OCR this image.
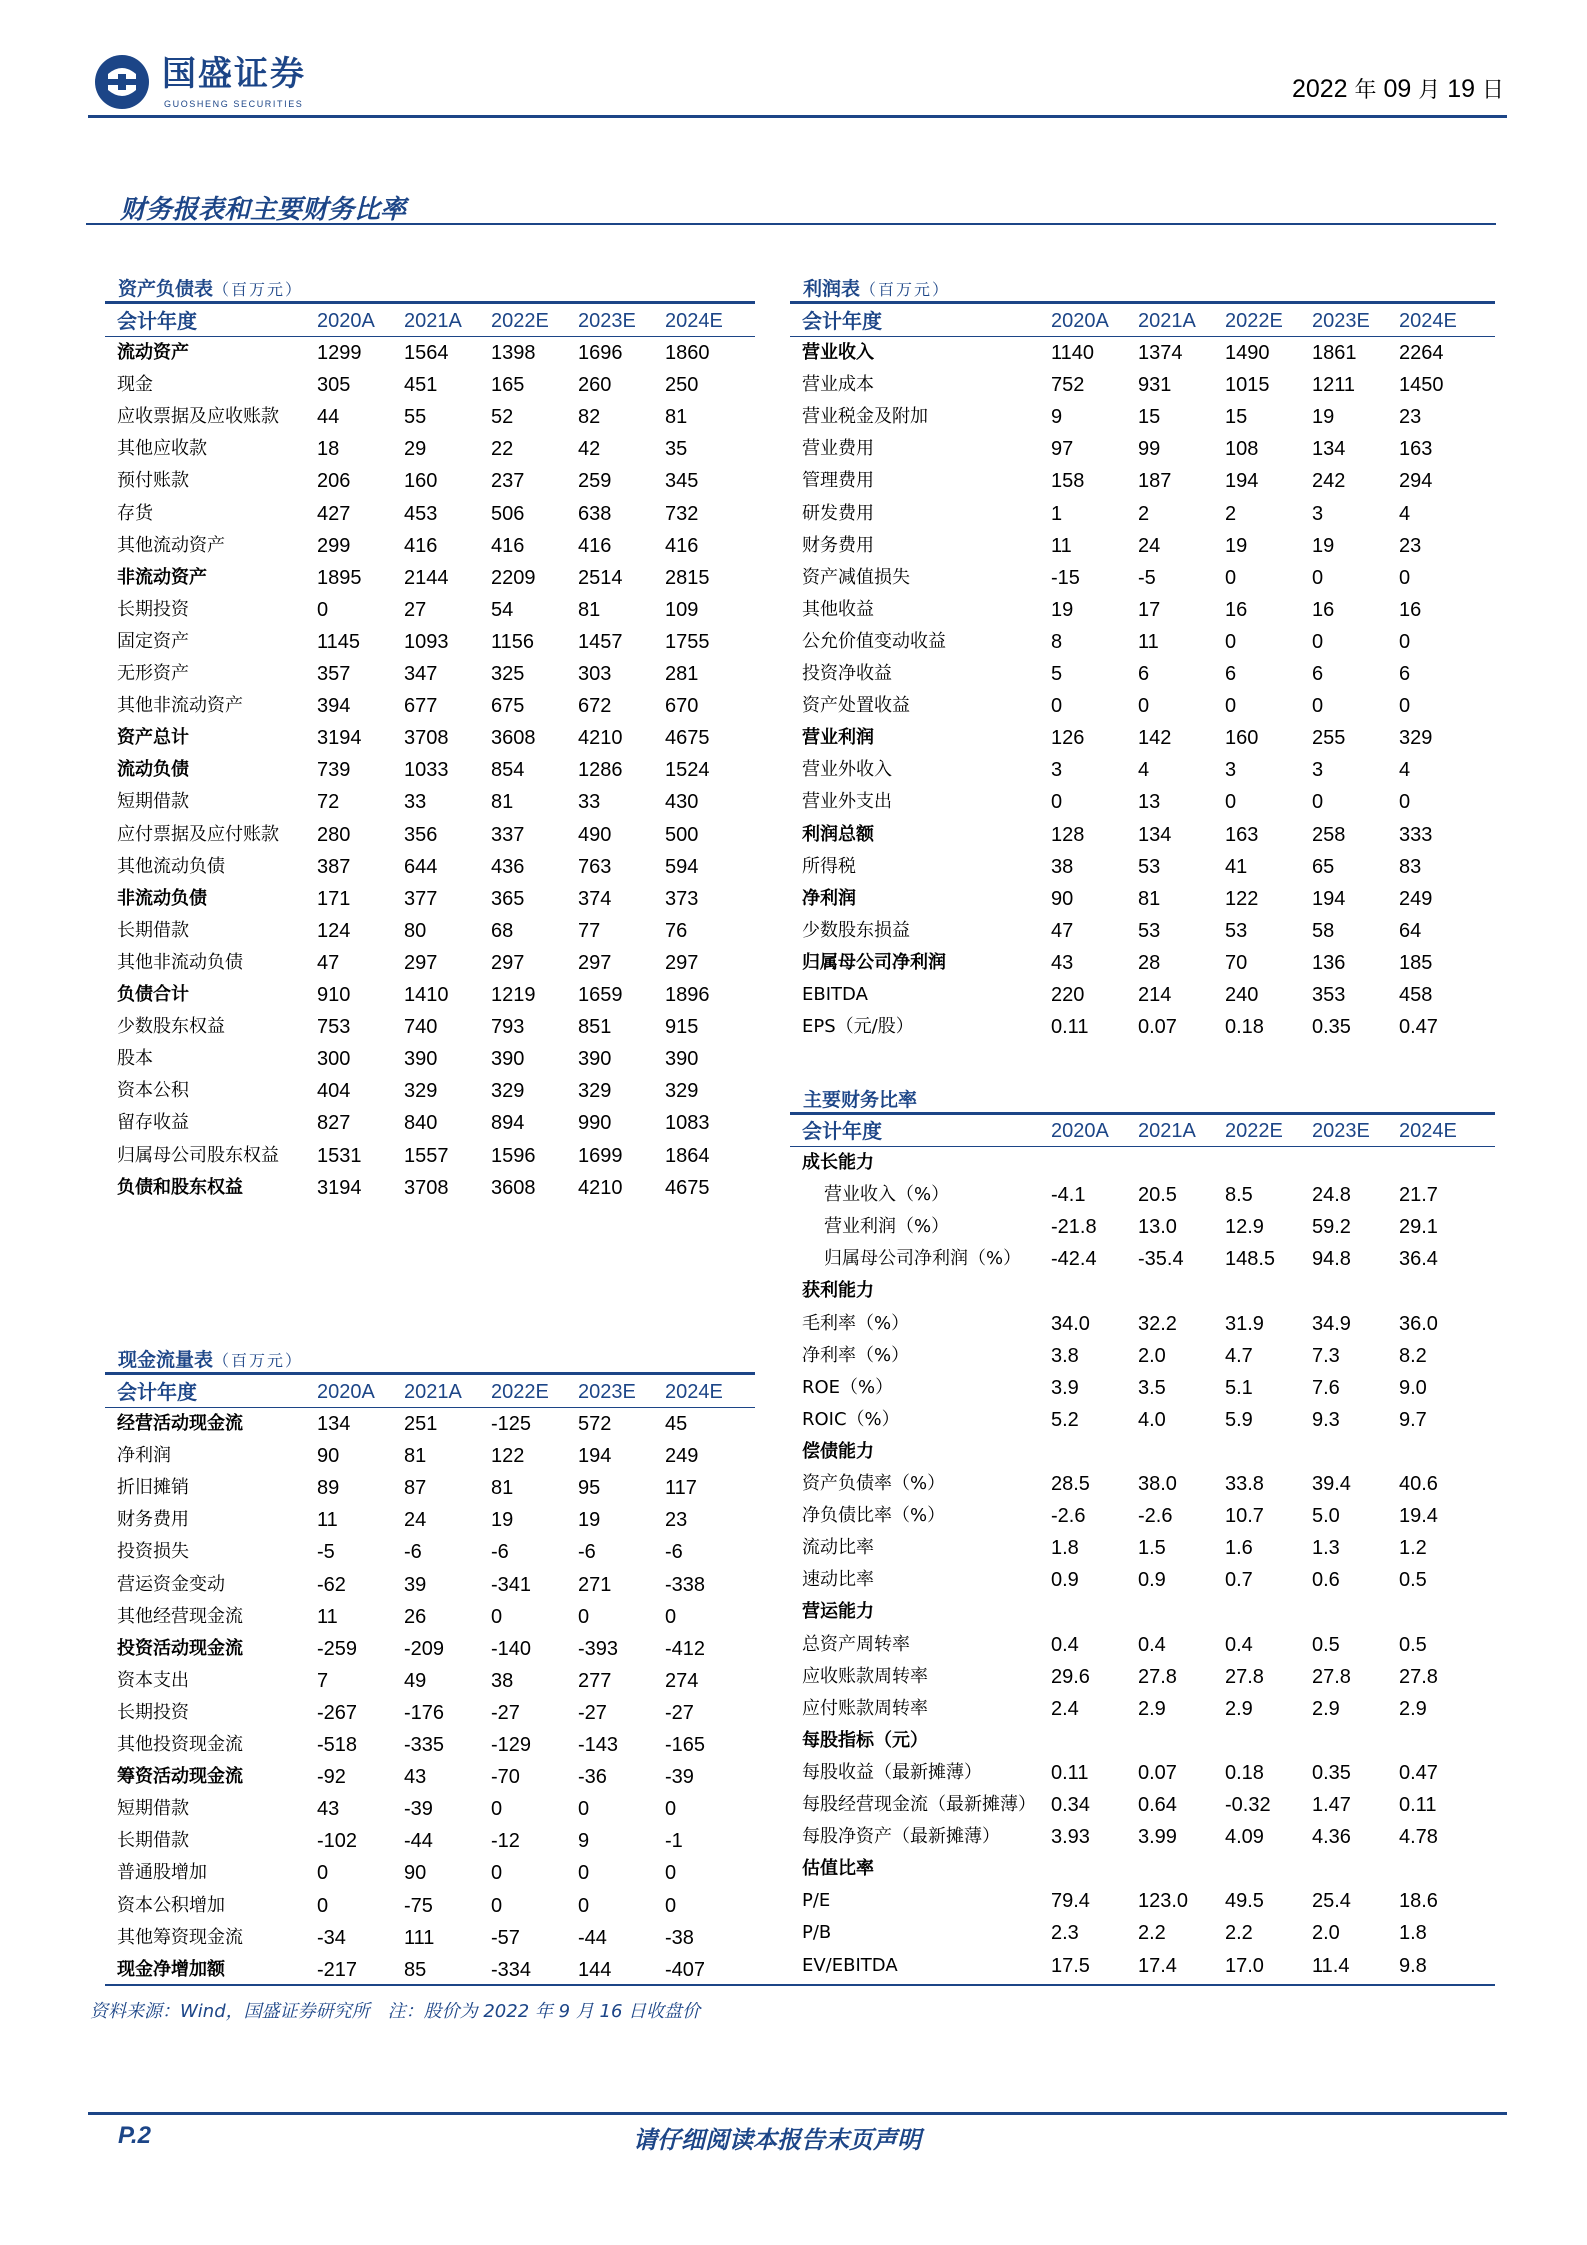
国盛证券
GUOSHENG SECURITIES
2022 年 09 月 19 日
财务报表和主要财务比率
资产负债表（百万元）
会计年度	2020A 2021A 2022E 2023E 2024E
流动资产	1299 1564 1398 1696 1860
现金	305	451	165	260	250
应收票据及应收账款 44	55	52	82	81
其他应收款	18	29	22	42	35
预付账款	206	160	237	259	345
存货	427	453	506	638	732
其他流动资产	299	416	416	416	416
非流动资产	1895 2144 2209 2514 2815
长期投资	0	27	54	81	109
固定资产	1145 1093 1156 1457 1755
无形资产	357	347	325	303	281
其他非流动资产	394	677	675	672	670
资产总计	3194 3708 3608 4210 4675
流动负债	739	1033 854	1286 1524
短期借款	72	33	81	33	430
应付票据及应付账款 280	356	337	490	500
其他流动负债	387	644	436	763	594
非流动负债	171	377	365	374	373
长期借款	124	80	68	77	76
其他非流动负债	47	297	297	297	297
负债合计	910	1410 1219 1659 1896
少数股东权益	753	740	793	851	915
股本	300	390	390	390	390
资本公积	404	329	329	329	329
留存收益	827	840	894	990	1083
归属母公司股东权益 1531 1557 1596 1699 1864
负债和股东权益	3194 3708 3608 4210 4675
利润表（百万元）
会计年度	2020A 2021A 2022E 2023E 2024E
营业收入	1140 1374 1490 1861 2264
营业成本	752	931	1015 1211 1450
营业税金及附加	9	15	15	19	23
营业费用	97	99	108	134	163
管理费用	158	187	194	242	294
研发费用	1	2	2	3	4
财务费用	11	24	19	19	23
资产减值损失	-15	-5	0	0	0
其他收益	19	17	16	16	16
公允价值变动收益	8	11	0	0	0
投资净收益	5	6	6	6	6
资产处置收益	0	0	0	0	0
营业利润	126	142	160	255	329
营业外收入	3	4	3	3	4
营业外支出	0	13	0	0	0
利润总额	128	134	163	258	333
所得税	38	53	41	65	83
净利润	90	81	122	194	249
少数股东损益	47	53	53	58	64
归属母公司净利润	43	28	70	136	185
EBITDA	220	214	240	353	458
EPS（元/股）	0.11 0.07 0.18 0.35 0.47
主要财务比率
会计年度	2020A 2021A 2022E 2023E 2024E
成长能力
营业收入（%）	-4.1	20.5 8.5	24.8 21.7
营业利润（%）	-21.8 13.0 12.9 59.2 29.1
归属母公司净利润（%） -42.4 -35.4 148.5 94.8 36.4
获利能力
毛利率（%）	34.0 32.2 31.9 34.9 36.0
净利率（%）	3.8	2.0	4.7	7.3	8.2
ROE（%）	3.9	3.5	5.1	7.6	9.0
ROIC（%）	5.2	4.0	5.9	9.3	9.7
偿债能力
资产负债率（%）	28.5 38.0 33.8 39.4 40.6
净负债比率（%）	-2.6	-2.6	10.7 5.0	19.4
流动比率	1.8	1.5	1.6	1.3	1.2
速动比率	0.9	0.9	0.7	0.6	0.5
营运能力
总资产周转率	0.4	0.4	0.4	0.5	0.5
应收账款周转率	29.6 27.8 27.8 27.8 27.8
应付账款周转率	2.4	2.9	2.9	2.9	2.9
每股指标（元）
每股收益（最新摊薄）	0.11 0.07 0.18 0.35 0.47
每股经营现金流（最新摊薄） 0.34 0.64 -0.32 1.47 0.11
每股净资产（最新摊薄）	3.93 3.99 4.09 4.36 4.78
估值比率
P/E	79.4 123.0 49.5 25.4 18.6
P/B	2.3	2.2	2.2	2.0	1.8
EV/EBITDA	17.5 17.4 17.0 11.4 9.8
现金流量表（百万元）
会计年度	2020A 2021A 2022E 2023E 2024E
经营活动现金流	134	251	-125 572	45
净利润	90	81	122	194	249
折旧摊销	89	87	81	95	117
财务费用	11	24	19	19	23
投资损失	-5	-6	-6	-6	-6
营运资金变动	-62	39	-341 271	-338
其他经营现金流	11	26	0	0	0
投资活动现金流	-259 -209 -140 -393 -412
资本支出	7	49	38	277	274
长期投资	-267 -176 -27	-27	-27
其他投资现金流	-518 -335 -129 -143 -165
筹资活动现金流	-92	43	-70	-36	-39
短期借款	43	-39	0	0	0
长期借款	-102 -44	-12	9	-1
普通股增加	0	90	0	0	0
资本公积增加	0	-75	0	0	0
其他筹资现金流	-34	111	-57	-44	-38
现金净增加额	-217 85	-334 144	-407
资料来源：Wind，国盛证券研究所　注：股价为 2022 年 9 月 16 日收盘价
P.2	请仔细阅读本报告末页声明
